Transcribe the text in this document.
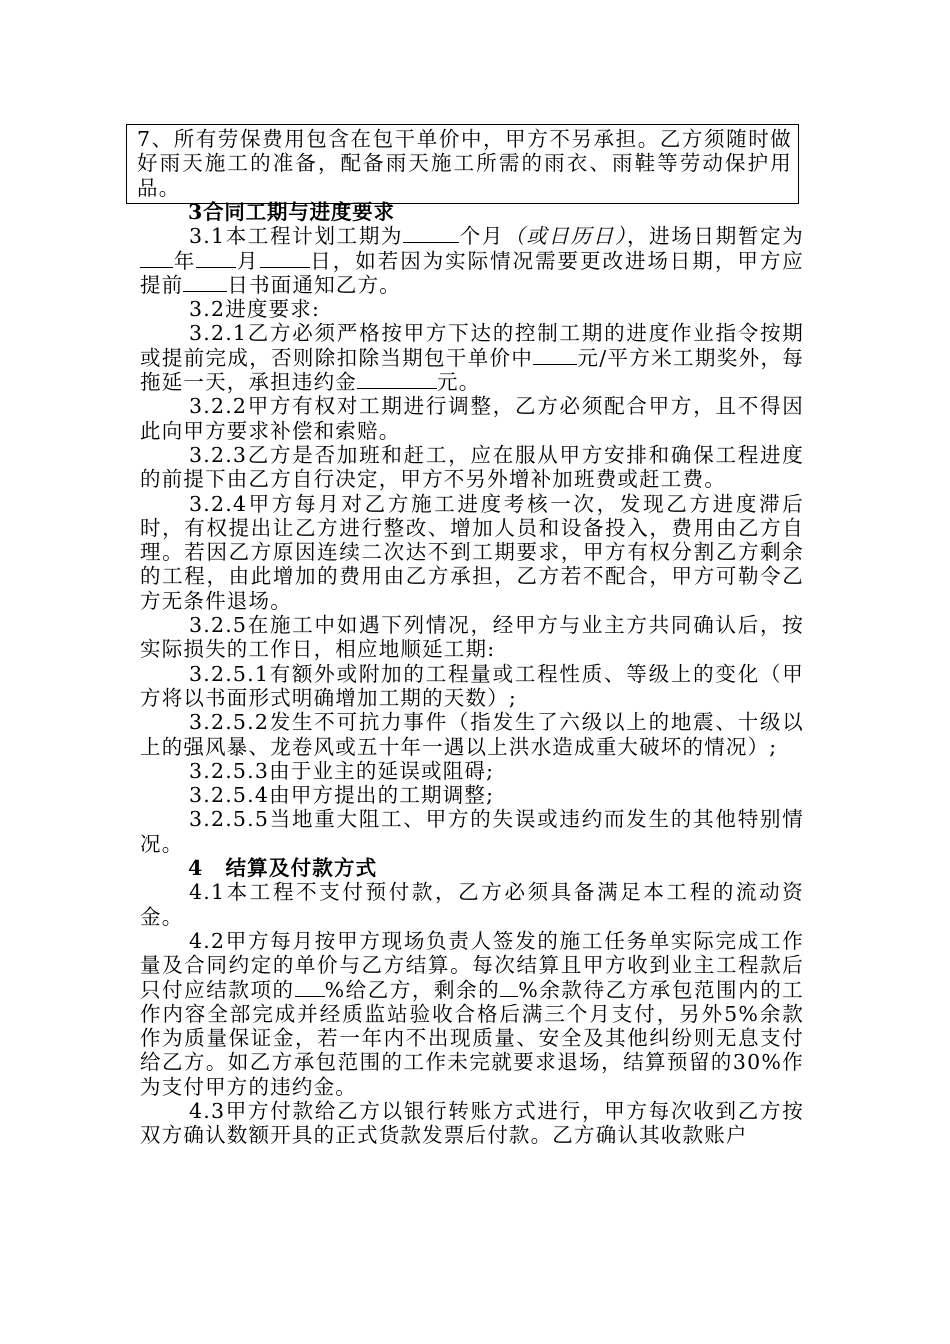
7、所有劳保费用包含在包干单价中，甲方不另承担。乙方须随时做好雨天施工的准备，配备雨天施工所需的雨衣、雨鞋等劳动保护用品。

3合同工期与进度要求

3.1本工程计划工期为	个月（或日历日），进场日期暂定为年 月 日，如若因为实际情况需要更改进场日期，甲方应提前 日书面通知乙方。

3.2进度要求:

3.2.1乙方必须严格按甲方下达的控制工期的进度作业指令按期或提前完成，否则除扣除当期包干单价中 元/平方米工期奖外，每拖延一天，承担违约金	元。

3.2.2甲方有权对工期进行调整，乙方必须配合甲方，且不得因此向甲方要求补偿和索赔。

3.2.3乙方是否加班和赶工，应在服从甲方安排和确保工程进度的前提下由乙方自行决定，甲方不另外增补加班费或赶工费。

3.2.4甲方每月对乙方施工进度考核一次，发现乙方进度滞后时，有权提出让乙方进行整改、增加人员和设备投入，费用由乙方自理。若因乙方原因连续二次达不到工期要求，甲方有权分割乙方剩余的工程，由此增加的费用由乙方承担，乙方若不配合，甲方可勒令乙方无条件退场。

3.2.5在施工中如遇下列情况，经甲方与业主方共同确认后，按实际损失的工作日，相应地顺延工期:

3.2.5.1有额外或附加的工程量或工程性质、等级上的变化（甲方将以书面形式明确增加工期的天数）;

3.2.5.2发生不可抗力事件（指发生了六级以上的地震、十级以上的强风暴、龙卷风或五十年一遇以上洪水造成重大破坏的情况）;

3.2.5.3由于业主的延误或阻碍;

3.2.5.4由甲方提出的工期调整;

3.2.5.5当地重大阻工、甲方的失误或违约而发生的其他特别情况。

4 结算及付款方式

4.1本工程不支付预付款，乙方必须具备满足本工程的流动资金。

4.2甲方每月按甲方现场负责人签发的施工任务单实际完成工作量及合同约定的单价与乙方结算。每次结算且甲方收到业主工程款后只付应结款项的 %给乙方，剩余的 %余款待乙方承包范围内的工作内容全部完成并经质监站验收合格后满三个月支付，另外5%余款作为质量保证金，若一年内不出现质量、安全及其他纠纷则无息支付给乙方。如乙方承包范围的工作未完就要求退场，结算预留的30%作为支付甲方的违约金。

4.3甲方付款给乙方以银行转账方式进行，甲方每次收到乙方按双方确认数额开具的正式货款发票后付款。乙方确认其收款账户
